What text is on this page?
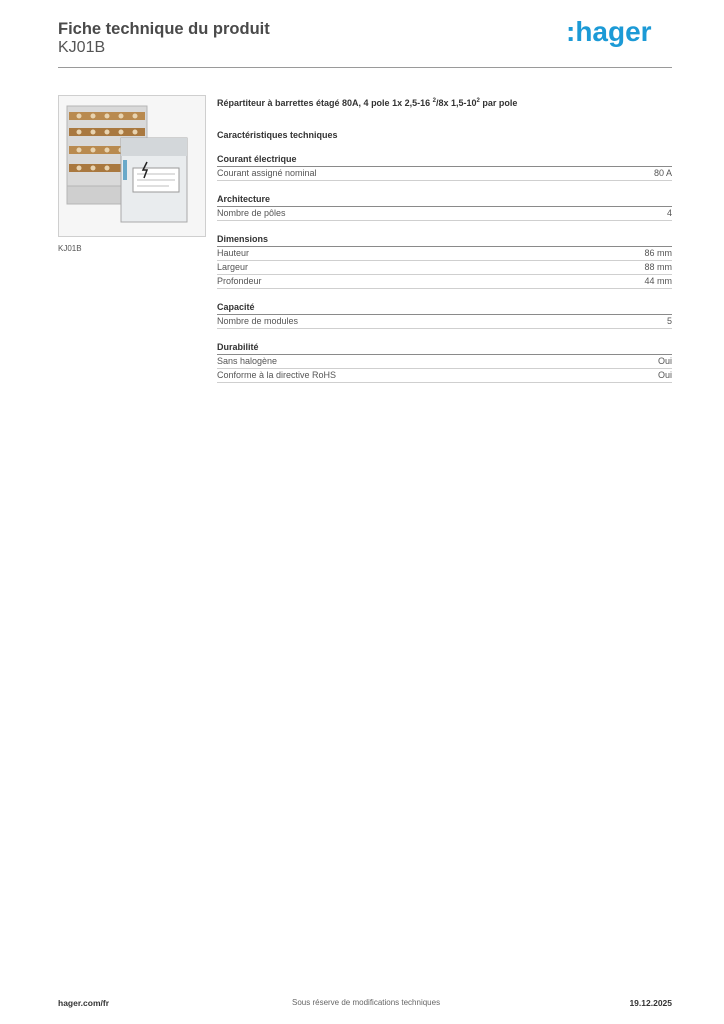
Fiche technique du produit
KJ01B
:hager
KJ01B
Répartiteur à barrettes étagé 80A, 4 pole 1x 2,5-16 $^2$/8x $1,5-10^2$ par pole
Caractéristiques techniques
Courant électrique
Courant assigné nominal	80 A
Architecture
Nombre de pôles	4
Dimensions
Hauteur	86 mm
Largeur	88 mm
Profondeur	44 mm
Capacité
Nombre de modules	5
Durabilité
Sans halogène	Oui
Conforme à la directive RoHS	Oui
hager.com/fr	Sous réserve de modifications techniques	19.12.2025
